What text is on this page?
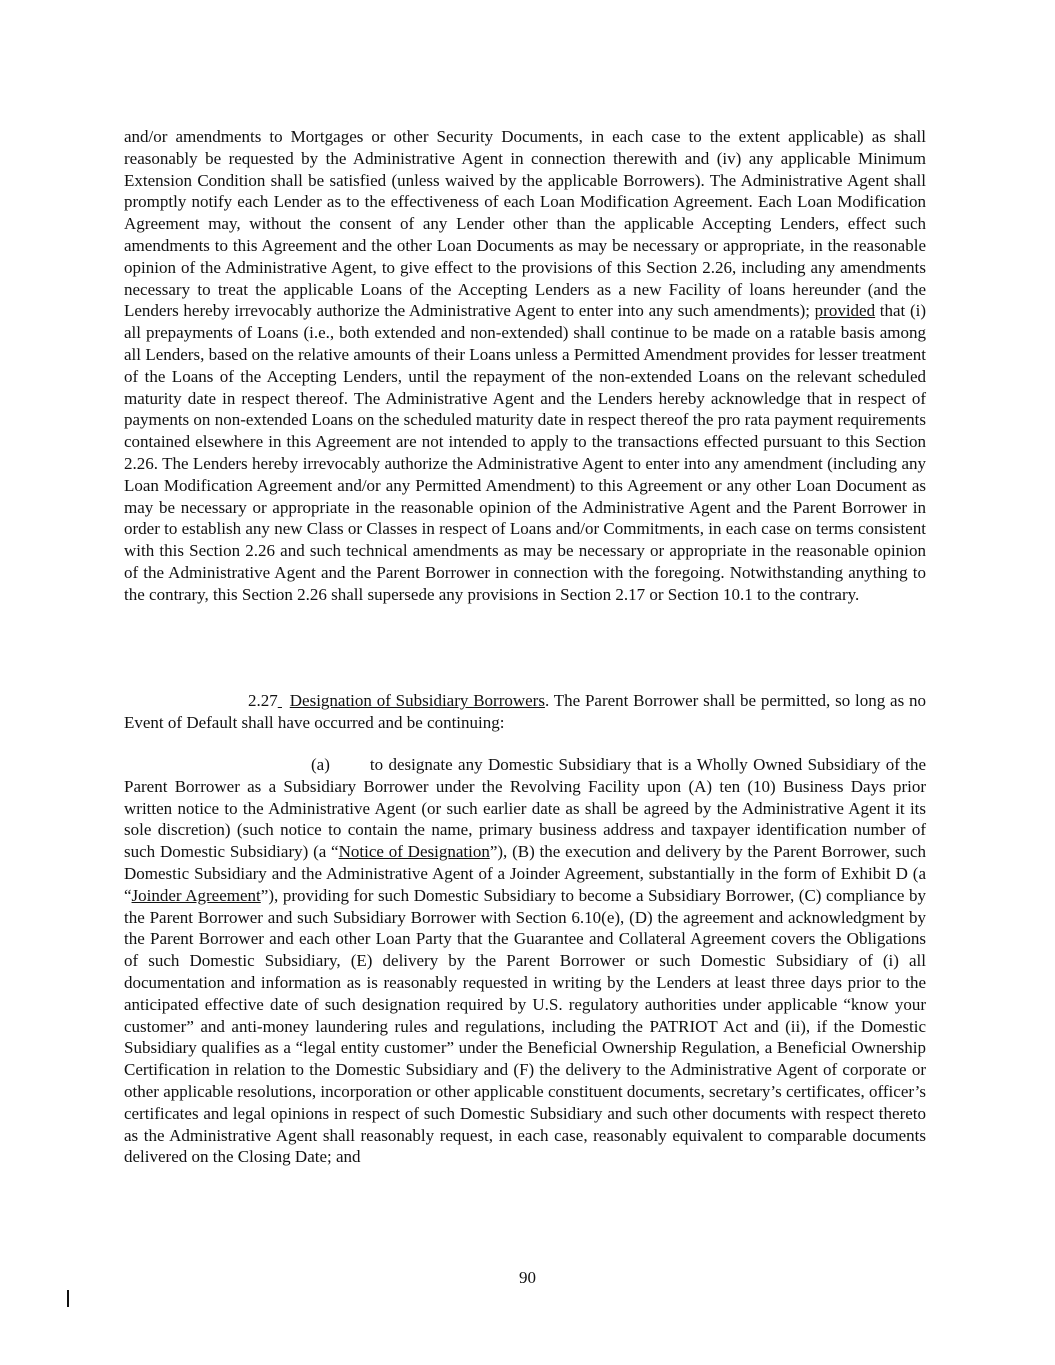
and/or amendments to Mortgages or other Security Documents, in each case to the extent applicable) as shall reasonably be requested by the Administrative Agent in connection therewith and (iv) any applicable Minimum Extension Condition shall be satisfied (unless waived by the applicable Borrowers). The Administrative Agent shall promptly notify each Lender as to the effectiveness of each Loan Modification Agreement. Each Loan Modification Agreement may, without the consent of any Lender other than the applicable Accepting Lenders, effect such amendments to this Agreement and the other Loan Documents as may be necessary or appropriate, in the reasonable opinion of the Administrative Agent, to give effect to the provisions of this Section 2.26, including any amendments necessary to treat the applicable Loans of the Accepting Lenders as a new Facility of loans hereunder (and the Lenders hereby irrevocably authorize the Administrative Agent to enter into any such amendments); provided that (i) all prepayments of Loans (i.e., both extended and non-extended) shall continue to be made on a ratable basis among all Lenders, based on the relative amounts of their Loans unless a Permitted Amendment provides for lesser treatment of the Loans of the Accepting Lenders, until the repayment of the non-extended Loans on the relevant scheduled maturity date in respect thereof. The Administrative Agent and the Lenders hereby acknowledge that in respect of payments on non-extended Loans on the scheduled maturity date in respect thereof the pro rata payment requirements contained elsewhere in this Agreement are not intended to apply to the transactions effected pursuant to this Section 2.26. The Lenders hereby irrevocably authorize the Administrative Agent to enter into any amendment (including any Loan Modification Agreement and/or any Permitted Amendment) to this Agreement or any other Loan Document as may be necessary or appropriate in the reasonable opinion of the Administrative Agent and the Parent Borrower in order to establish any new Class or Classes in respect of Loans and/or Commitments, in each case on terms consistent with this Section 2.26 and such technical amendments as may be necessary or appropriate in the reasonable opinion of the Administrative Agent and the Parent Borrower in connection with the foregoing. Notwithstanding anything to the contrary, this Section 2.26 shall supersede any provisions in Section 2.17 or Section 10.1 to the contrary.

2.27 Designation of Subsidiary Borrowers. The Parent Borrower shall be permitted, so long as no Event of Default shall have occurred and be continuing:

(a) to designate any Domestic Subsidiary that is a Wholly Owned Subsidiary of the Parent Borrower as a Subsidiary Borrower under the Revolving Facility upon (A) ten (10) Business Days prior written notice to the Administrative Agent (or such earlier date as shall be agreed by the Administrative Agent it its sole discretion) (such notice to contain the name, primary business address and taxpayer identification number of such Domestic Subsidiary) (a “Notice of Designation”), (B) the execution and delivery by the Parent Borrower, such Domestic Subsidiary and the Administrative Agent of a Joinder Agreement, substantially in the form of Exhibit D (a “Joinder Agreement”), providing for such Domestic Subsidiary to become a Subsidiary Borrower, (C) compliance by the Parent Borrower and such Subsidiary Borrower with Section 6.10(e), (D) the agreement and acknowledgment by the Parent Borrower and each other Loan Party that the Guarantee and Collateral Agreement covers the Obligations of such Domestic Subsidiary, (E) delivery by the Parent Borrower or such Domestic Subsidiary of (i) all documentation and information as is reasonably requested in writing by the Lenders at least three days prior to the anticipated effective date of such designation required by U.S. regulatory authorities under applicable “know your customer” and anti-money laundering rules and regulations, including the PATRIOT Act and (ii), if the Domestic Subsidiary qualifies as a “legal entity customer” under the Beneficial Ownership Regulation, a Beneficial Ownership Certification in relation to the Domestic Subsidiary and (F) the delivery to the Administrative Agent of corporate or other applicable resolutions, incorporation or other applicable constituent documents, secretary’s certificates, officer’s certificates and legal opinions in respect of such Domestic Subsidiary and such other documents with respect thereto as the Administrative Agent shall reasonably request, in each case, reasonably equivalent to comparable documents delivered on the Closing Date; and

90
